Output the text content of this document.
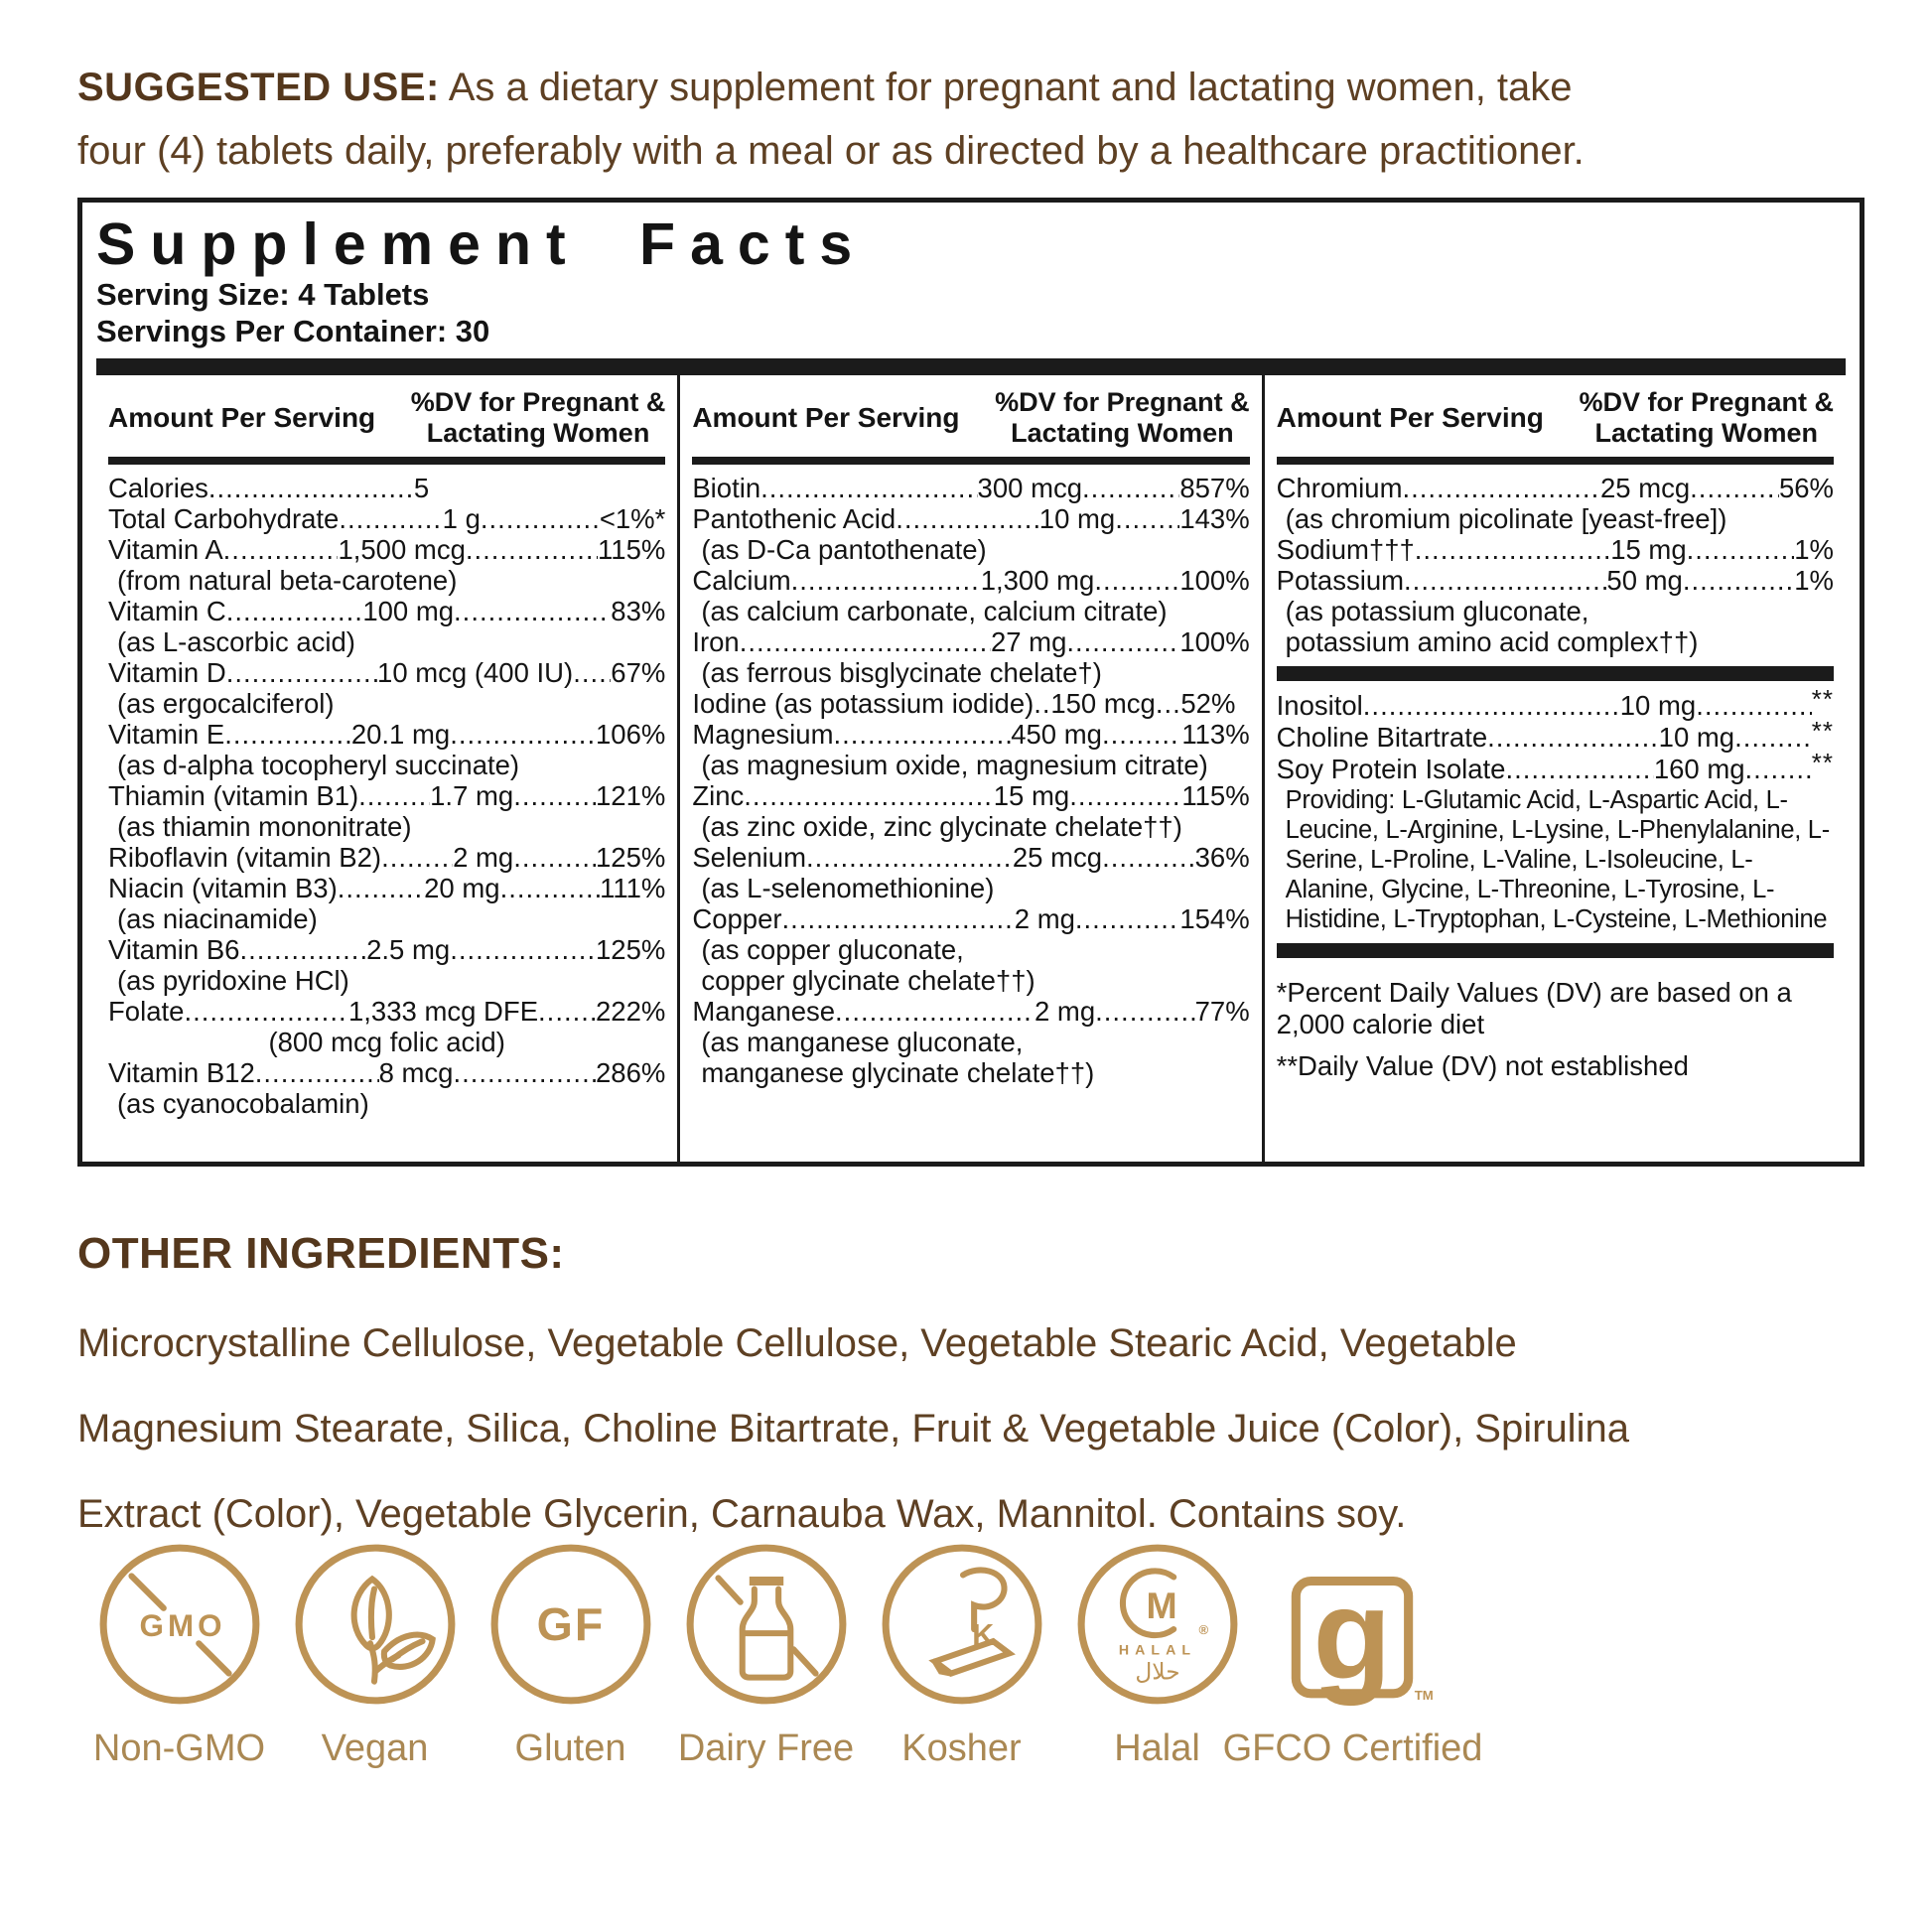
SUGGESTED USE: As a dietary supplement for pregnant and lactating women, take
four (4) tablets daily, preferably with a meal or as directed by a healthcare practitioner.
Supplement Facts
Serving Size: 4 Tablets
Servings Per Container: 30
Amount Per Serving %DV for Pregnant &
Lactating Women
Calories .....	5
Total Carbohydrate .....	1 g .....	<1%*
Vitamin A .....	1,500 mcg .....	115%
(from natural beta-carotene)
Vitamin C .....	100 mg .....	83%
(as L-ascorbic acid)
Vitamin D .....	10 mcg (400 IU) ..... 67%
(as ergocalciferol)
Vitamin E .....	20.1 mg .....	106%
(as d-alpha tocopheryl succinate)
Thiamin (vitamin B1) .....	1.7 mg .....	121%
(as thiamin mononitrate)
Riboflavin (vitamin B2) .....	2 mg .....	125%
Niacin (vitamin B3) .....	20 mg .....	111%
(as niacinamide)
Vitamin B6 .....	2.5 mg .....	125%
(as pyridoxine HCl)
Folate .....	1,333 mcg DFE ..... 222%
(800 mcg folic acid)
Vitamin B12 .....	8 mcg .....	286%
(as cyanocobalamin)
Amount Per Serving %DV for Pregnant &
Lactating Women
Biotin .....	300 mcg .....	857%
Pantothenic Acid .....	10 mg ..... 143%
(as D-Ca pantothenate)
Calcium .....	1,300 mg .....	100%
(as calcium carbonate, calcium citrate)
Iron .....	27 mg .....	100%
(as ferrous bisglycinate chelate†)
Iodine (as potassium iodide) ..... 150 mcg ..... 52%
Magnesium .....	450 mg .....	113%
(as magnesium oxide, magnesium citrate)
Zinc .....	15 mg .....	115%
(as zinc oxide, zinc glycinate chelate††)
Selenium .....	25 mcg .....	36%
(as L-selenomethionine)
Copper .....	2 mg .....	154%
(as copper gluconate,
copper glycinate chelate††)
Manganese .....	2 mg .....	77%
(as manganese gluconate,
manganese glycinate chelate††)
Amount Per Serving %DV for Pregnant &
Lactating Women
Chromium .....	25 mcg .....	56%
(as chromium picolinate [yeast-free])
Sodium††† .....	15 mg .....	1%
Potassium .....	50 mg .....	1%
(as potassium gluconate,
potassium amino acid complex††)
Inositol .....	10 mg .....	**
Choline Bitartrate .....	10 mg .....	**
Soy Protein Isolate .....	160 mg .....	**
Providing: L-Glutamic Acid, L-Aspartic Acid, L-Leucine, L-Arginine, L-Lysine, L-Phenylalanine, L-Serine, L-Proline, L-Valine, L-Isoleucine, L-Alanine, Glycine, L-Threonine, L-Tyrosine, L-Histidine, L-Tryptophan, L-Cysteine, L-Methionine
*Percent Daily Values (DV) are based on a 2,000 calorie diet
**Daily Value (DV) not established
OTHER INGREDIENTS:
Microcrystalline Cellulose, Vegetable Cellulose, Vegetable Stearic Acid, Vegetable
Magnesium Stearate, Silica, Choline Bitartrate, Fruit & Vegetable Juice (Color), Spirulina
Extract (Color), Vegetable Glycerin, Carnauba Wax, Mannitol. Contains soy.
GMO
Non-GMO Vegan
GF
Gluten Dairy Free
K
Kosher
M
®
HALAL
حلال
Halal
g TM
GFCO Certified
